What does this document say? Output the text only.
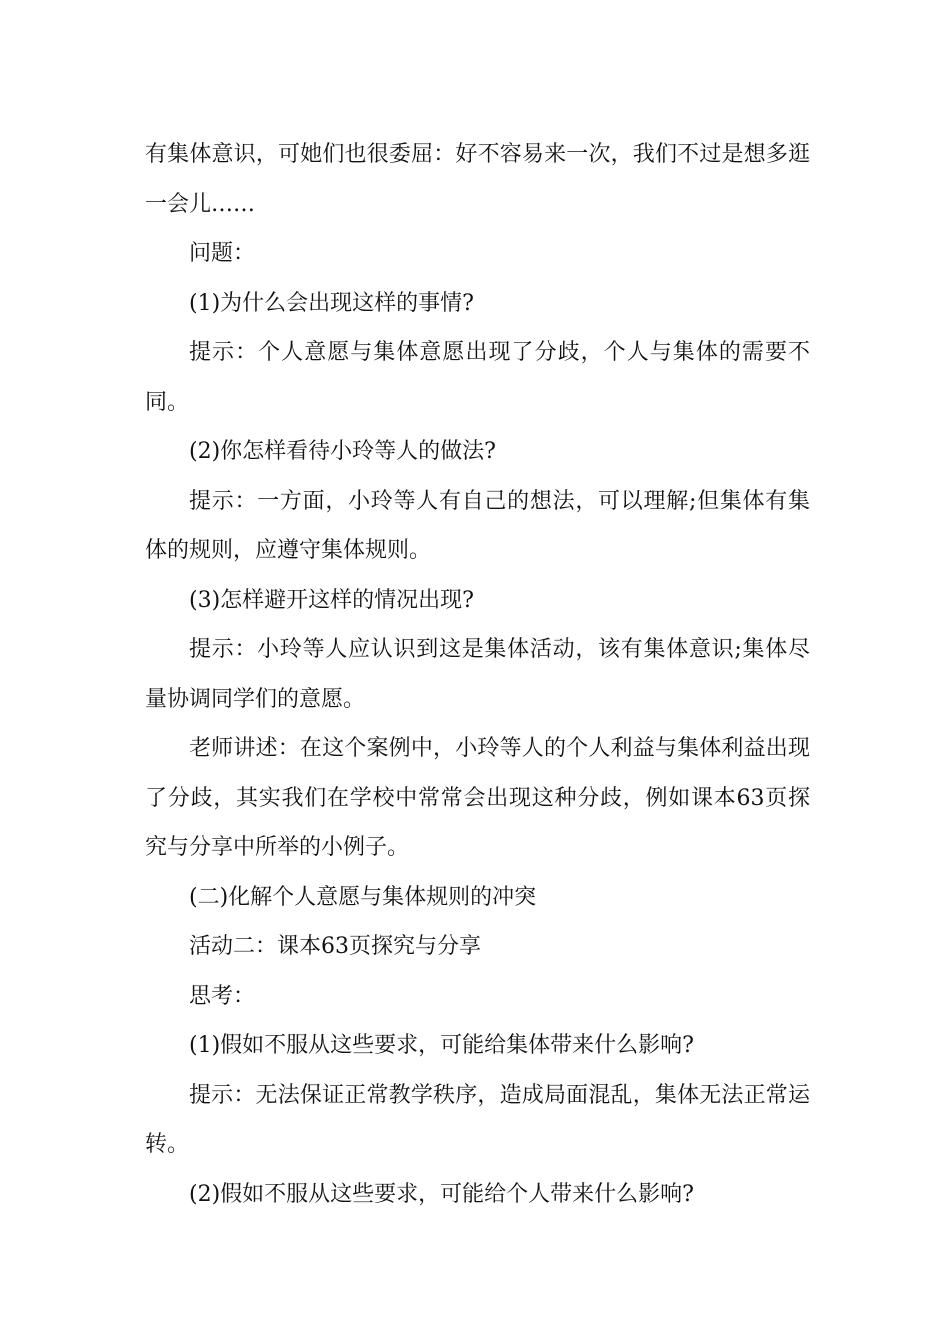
有集体意识，可她们也很委屈：好不容易来一次，我们不过是想多逛一会儿……

问题：

(1)为什么会出现这样的事情?

提示：个人意愿与集体意愿出现了分歧，个人与集体的需要不同。

(2)你怎样看待小玲等人的做法?

提示：一方面，小玲等人有自己的想法，可以理解;但集体有集体的规则，应遵守集体规则。

(3)怎样避开这样的情况出现?

提示：小玲等人应认识到这是集体活动，该有集体意识;集体尽量协调同学们的意愿。

老师讲述：在这个案例中，小玲等人的个人利益与集体利益出现了分歧，其实我们在学校中常常会出现这种分歧，例如课本63页探究与分享中所举的小例子。

(二)化解个人意愿与集体规则的冲突

活动二：课本63页探究与分享

思考：

(1)假如不服从这些要求，可能给集体带来什么影响?

提示：无法保证正常教学秩序，造成局面混乱，集体无法正常运转。

(2)假如不服从这些要求，可能给个人带来什么影响?
